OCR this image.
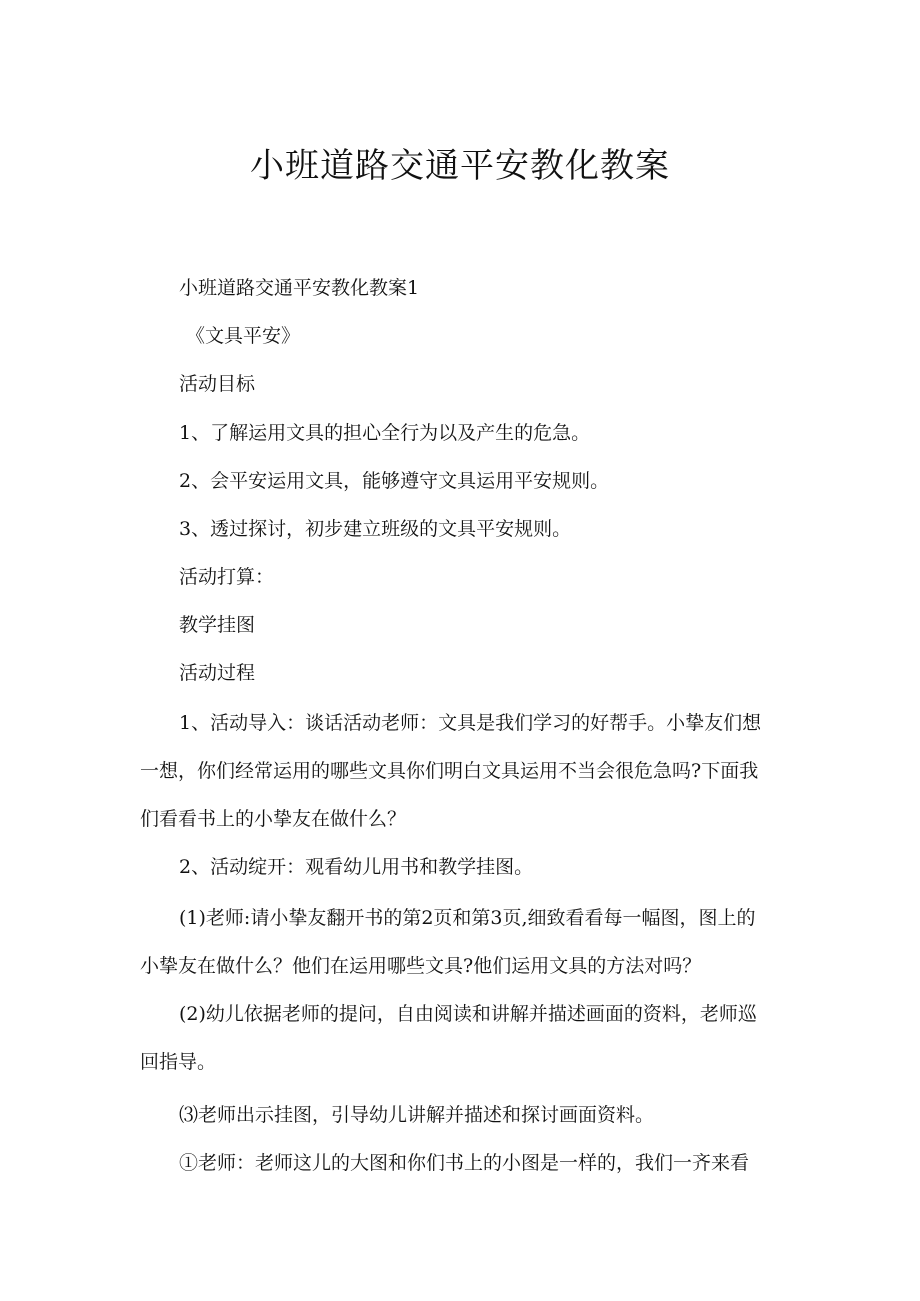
小班道路交通平安教化教案

小班道路交通平安教化教案1

《文具平安》

活动目标

1、了解运用文具的担心全行为以及产生的危急。

2、会平安运用文具，能够遵守文具运用平安规则。

3、透过探讨，初步建立班级的文具平安规则。

活动打算：

教学挂图

活动过程

1、活动导入：谈话活动老师：文具是我们学习的好帮手。小挚友们想

一想，你们经常运用的哪些文具你们明白文具运用不当会很危急吗?下面我

们看看书上的小挚友在做什么？

2、活动绽开：观看幼儿用书和教学挂图。

(1)老师:请小挚友翻开书的第2页和第3页,细致看看每一幅图，图上的

小挚友在做什么？他们在运用哪些文具?他们运用文具的方法对吗？

(2)幼儿依据老师的提问，自由阅读和讲解并描述画面的资料，老师巡

回指导。

⑶老师出示挂图，引导幼儿讲解并描述和探讨画面资料。

①老师：老师这儿的大图和你们书上的小图是一样的，我们一齐来看
